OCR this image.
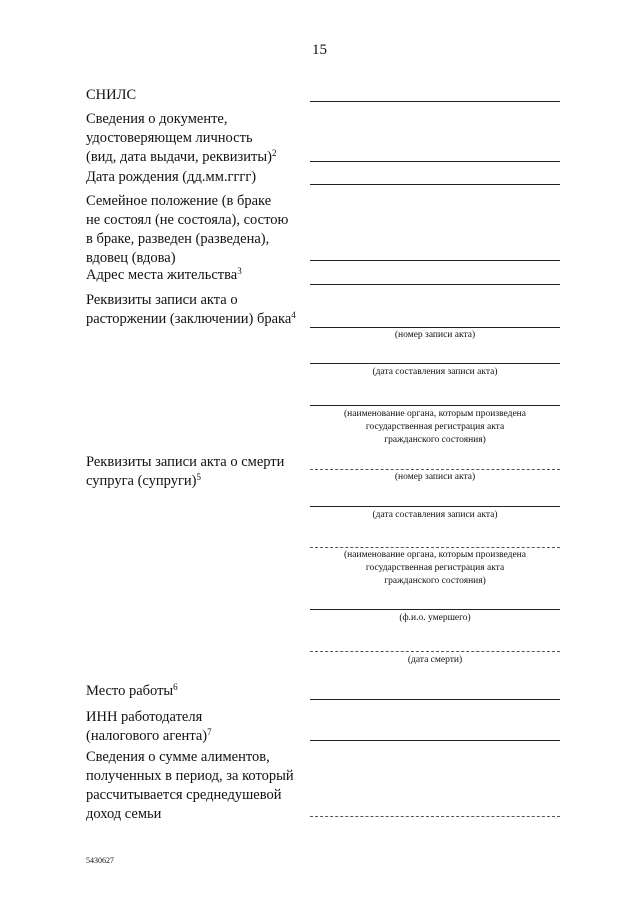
15
СНИЛС
Сведения о документе,
удостоверяющем личность
(вид, дата выдачи, реквизиты)$^2$
Дата рождения (дд.мм.гггг)
Семейное положение (в браке
не состоял (не состояла), состою
в браке, разведен (разведена),
вдовец (вдова)
Адрес места жительства$^3$
Реквизиты записи акта о
расторжении (заключении) брака$^4$
(номер записи акта)
(дата составления записи акта)
(наименование органа, которым произведена
государственная регистрация акта
гражданского состояния)
Реквизиты записи акта о смерти
супруга (супруги)$^5$	(номер записи акта)
(дата составления записи акта)
(наименование органа, которым произведена
государственная регистрация акта
гражданского состояния)
(ф.и.о. умершего)
(дата смерти)
Место работы$^6$
ИНН работодателя
(налогового агента)$^7$
Сведения о сумме алиментов,
полученных в период, за который
рассчитывается среднедушевой
доход семьи
5430627
